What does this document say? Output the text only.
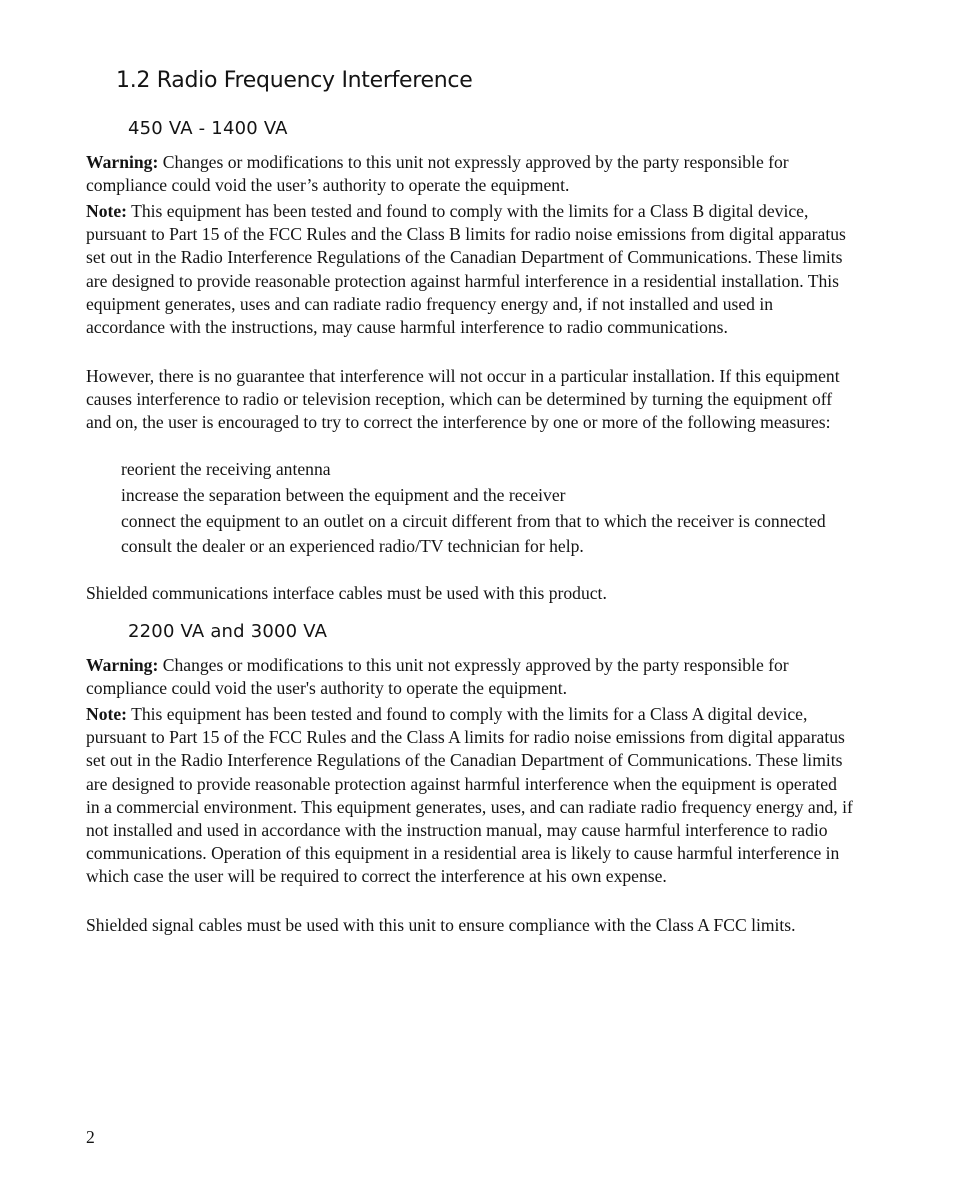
1.2 Radio Frequency Interference
450 VA - 1400 VA

Warning: Changes or modifications to this unit not expressly approved by the party responsible for compliance could void the user’s authority to operate the equipment.

Note: This equipment has been tested and found to comply with the limits for a Class B digital device, pursuant to Part 15 of the FCC Rules and the Class B limits for radio noise emissions from digital apparatus set out in the Radio Interference Regulations of the Canadian Department of Communications. These limits are designed to provide reasonable protection against harmful interference in a residential installation. This equipment generates, uses and can radiate radio frequency energy and, if not installed and used in accordance with the instructions, may cause harmful interference to radio communications.

However, there is no guarantee that interference will not occur in a particular installation. If this equipment causes interference to radio or television reception, which can be determined by turning the equipment off and on, the user is encouraged to try to correct the interference by one or more of the following measures:

reorient the receiving antenna
increase the separation between the equipment and the receiver
connect the equipment to an outlet on a circuit different from that to which the receiver is connected
consult the dealer or an experienced radio/TV technician for help.

Shielded communications interface cables must be used with this product.

2200 VA and 3000 VA

Warning: Changes or modifications to this unit not expressly approved by the party responsible for compliance could void the user's authority to operate the equipment.

Note: This equipment has been tested and found to comply with the limits for a Class A digital device, pursuant to Part 15 of the FCC Rules and the Class A limits for radio noise emissions from digital apparatus set out in the Radio Interference Regulations of the Canadian Department of Communications. These limits are designed to provide reasonable protection against harmful interference when the equipment is operated in a commercial environment. This equipment generates, uses, and can radiate radio frequency energy and, if not installed and used in accordance with the instruction manual, may cause harmful interference to radio communications. Operation of this equipment in a residential area is likely to cause harmful interference in which case the user will be required to correct the interference at his own expense.

Shielded signal cables must be used with this unit to ensure compliance with the Class A FCC limits.

2
